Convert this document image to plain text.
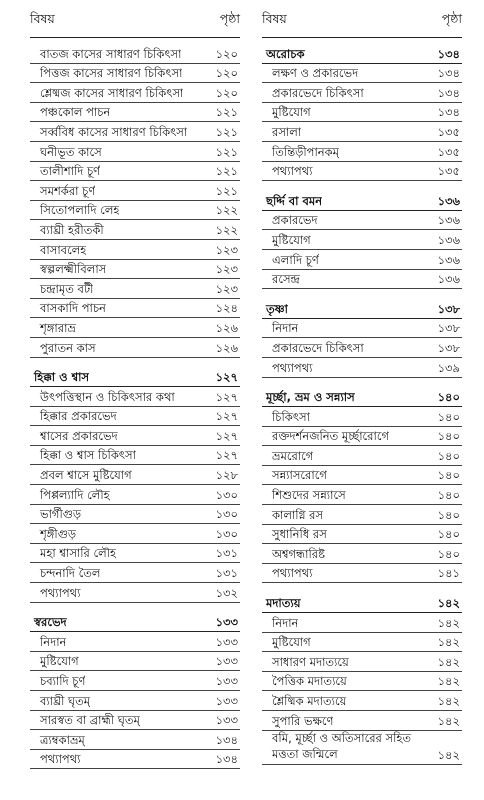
বিষয়	পৃষ্ঠা
বাতজ কাসের সাধারণ চিকিৎসা	১২০
পিত্তজ কাসের সাধারণ চিকিৎসা	১২০
শ্লেষ্মজ কাসের সাধারণ চিকিৎসা	১২০
পঞ্চকোল পাচন	১২১
সর্ব্ববিধ কাসের সাধারণ চিকিৎসা ১২১
ঘনীভূত কাসে	১২১
তালীশাদি চূর্ণ	১২১
সমশর্করা চূর্ণ	১২১
সিতোপলাদি লেহ	১২২
ব্যাঘ্রী হরীতকী	১২২
বাসাবলেহ	১২৩
স্বল্পলক্ষ্মীবিলাস	১২৩
চন্দ্রামৃত বটী	১২৩
বাসকাদি পাচন	১২৪
শৃঙ্গারাভ্র	১২৬
পুরাতন কাস	১২৬
হিক্কা ও শ্বাস	১২৭
উৎপত্তিস্থান ও চিকিৎসার কথা	১২৭
হিক্কার প্রকারভেদ	১২৭
শ্বাসের প্রকারভেদ	১২৭
হিক্কা ও শ্বাস চিকিৎসা	১২৭
প্রবল শ্বাসে মুষ্টিযোগ	১২৮
পিপ্পল্যাদি লৌহ	১৩০
ভার্গীগুড়	১৩০
শৃঙ্গীগুড়	১৩০
মহা শ্বাসারি লৌহ	১৩১
চন্দনাদি তৈল	১৩১
পথ্যাপথ্য	১৩২
স্বরভেদ	১৩৩
নিদান	১৩৩
মুষ্টিযোগ	১৩৩
চব্যাদি চূর্ণ	১৩৩
ব্যাঘ্রী ঘৃতম্	১৩৩
সারস্বত বা ব্রাহ্মী ঘৃতম্	১৩৩
ত্র্যম্বকাভ্রম্	১৩৪
পথ্যাপথ্য	১৩৪
বিষয়	পৃষ্ঠা
অরোচক	১৩৪
লক্ষণ ও প্রকারভেদ	১৩৪
প্রকারভেদে চিকিৎসা	১৩৪
মুষ্টিযোগ	১৩৪
রসালা	১৩৫
তিন্তিড়ীপানকম্	১৩৫
পথ্যাপথ্য	১৩৫
ছর্দ্দি বা বমন	১৩৬
প্রকারভেদ	১৩৬
মুষ্টিযোগ	১৩৬
এলাদি চূর্ণ	১৩৬
রসেন্দ্র	১৩৬
তৃষ্ণা	১৩৮
নিদান	১৩৮
প্রকারভেদে চিকিৎসা	১৩৮
পথ্যাপথ্য	১৩৯
মূর্চ্ছা, ভ্রম ও সন্ন্যাস	১৪০
চিকিৎসা	১৪০
রক্তদর্শনজনিত মূর্চ্ছারোগে	১৪০
ভ্রমরোগে	১৪০
সন্ন্যাসরোগে	১৪০
শিশুদের সন্ন্যাসে	১৪০
কালাগ্নি রস	১৪০
সুধানিধি রস	১৪০
অশ্বগন্ধারিষ্ট	১৪০
পথ্যাপথ্য	১৪১
মদাত্যয়	১৪২
নিদান	১৪২
মুষ্টিযোগ	১৪২
সাধারণ মদাত্যয়ে	১৪২
পৈত্তিক মদাত্যয়ে	১৪২
শ্লৈষ্মিক মদাত্যয়ে	১৪২
সুপারি ভক্ষণে	১৪২
বমি, মূর্চ্ছা ও অতিসারের সহিত মত্ততা জন্মিলে	১৪২
